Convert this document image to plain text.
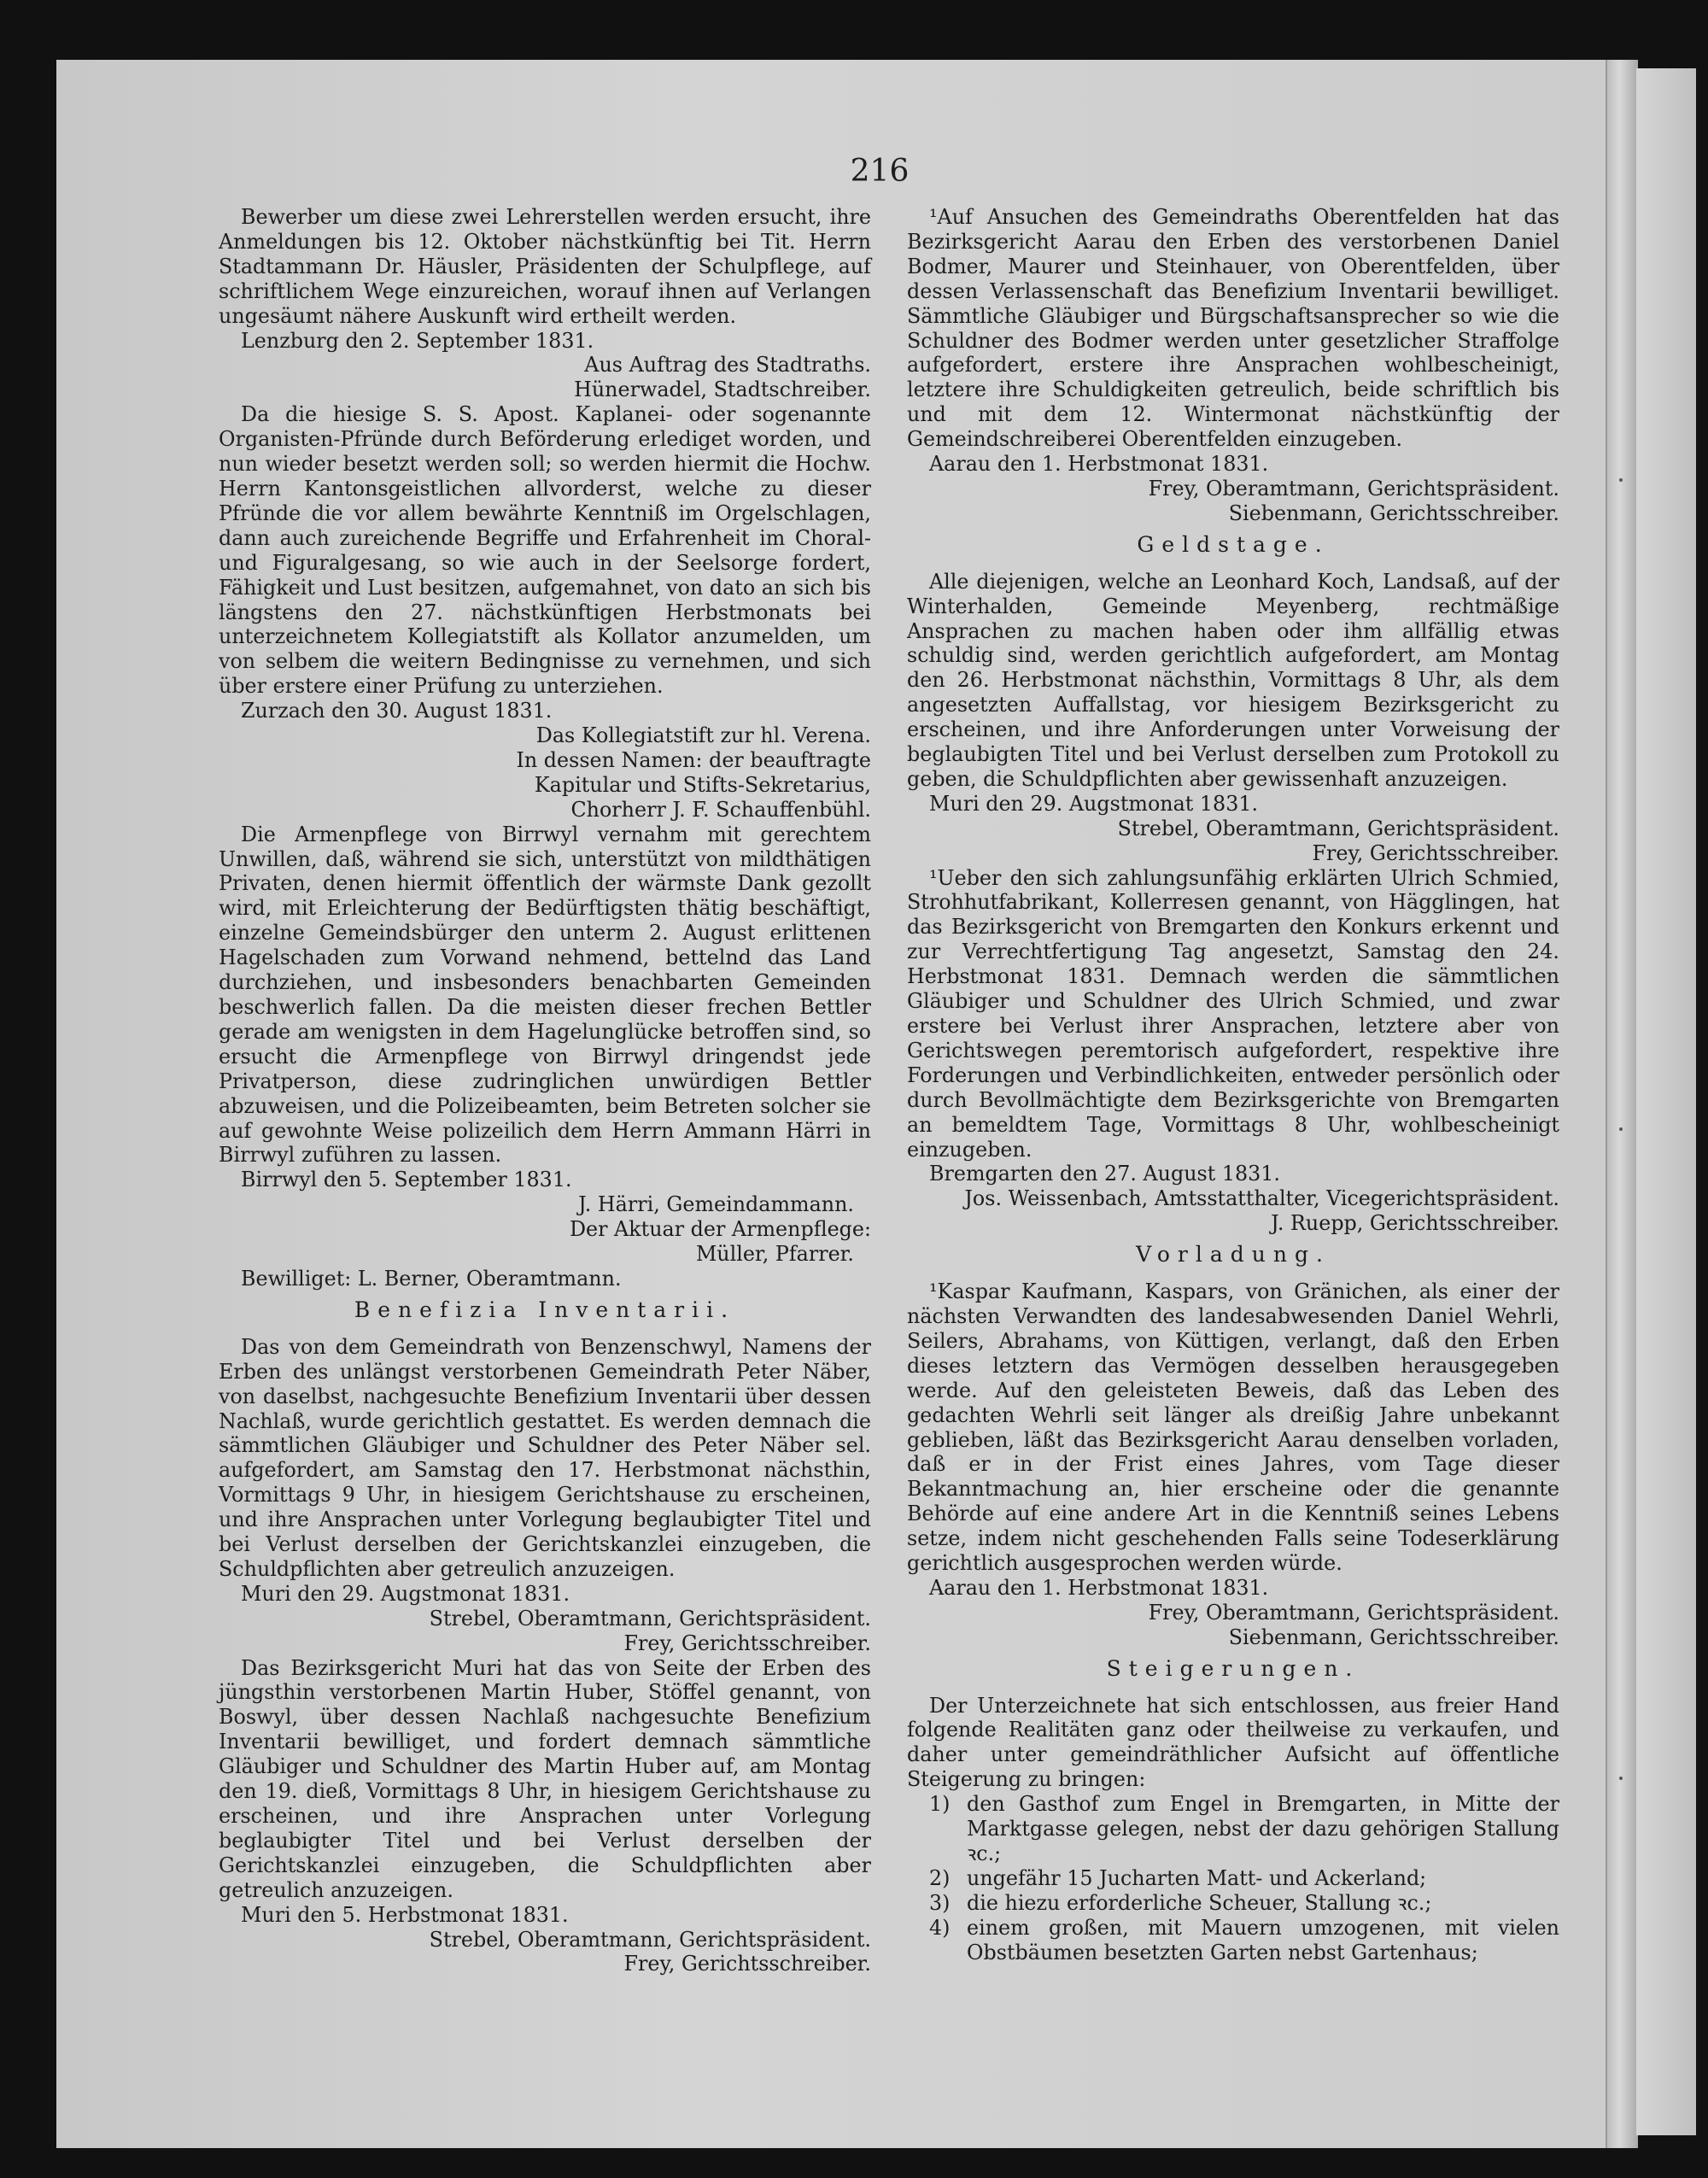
216
Bewerber um diese zwei Lehrerstellen werden ersucht, ihre Anmeldungen bis 12. Oktober nächstkünftig bei Tit. Herrn Stadtammann Dr. Häusler, Präsidenten der Schulpflege, auf schriftlichem Wege einzureichen, worauf ihnen auf Verlangen ungesäumt nähere Auskunft wird ertheilt werden.
Lenzburg den 2. September 1831.
Aus Auftrag des Stadtraths.
Hünerwadel, Stadtschreiber.
Da die hiesige S. S. Apost. Kaplanei- oder sogenannte Organisten-Pfründe durch Beförderung erlediget worden, und nun wieder besetzt werden soll; so werden hiermit die Hochw. Herrn Kantonsgeistlichen allvorderst, welche zu dieser Pfründe die vor allem bewährte Kenntniß im Orgelschlagen, dann auch zureichende Begriffe und Erfahrenheit im Choral- und Figuralgesang, so wie auch in der Seelsorge fordert, Fähigkeit und Lust besitzen, aufgemahnet, von dato an sich bis längstens den 27. nächstkünftigen Herbstmonats bei unterzeichnetem Kollegiatstift als Kollator anzumelden, um von selbem die weitern Bedingnisse zu vernehmen, und sich über erstere einer Prüfung zu unterziehen.
Zurzach den 30. August 1831.
Das Kollegiatstift zur hl. Verena.
In dessen Namen: der beauftragte
Kapitular und Stifts-Sekretarius,
Chorherr J. F. Schauffenbühl.
Die Armenpflege von Birrwyl vernahm mit gerechtem Unwillen, daß, während sie sich, unterstützt von mildthätigen Privaten, denen hiermit öffentlich der wärmste Dank gezollt wird, mit Erleichterung der Bedürftigsten thätig beschäftigt, einzelne Gemeindsbürger den unterm 2. August erlittenen Hagelschaden zum Vorwand nehmend, bettelnd das Land durchziehen, und insbesonders benachbarten Gemeinden beschwerlich fallen. Da die meisten dieser frechen Bettler gerade am wenigsten in dem Hagelunglücke betroffen sind, so ersucht die Armenpflege von Birrwyl dringendst jede Privatperson, diese zudringlichen unwürdigen Bettler abzuweisen, und die Polizeibeamten, beim Betreten solcher sie auf gewohnte Weise polizeilich dem Herrn Ammann Härri in Birrwyl zuführen zu lassen.
Birrwyl den 5. September 1831.
J. Härri, Gemeindammann.
Der Aktuar der Armenpflege:
Müller, Pfarrer.
Bewilliget: L. Berner, Oberamtmann.
Benefizia Inventarii.
Das von dem Gemeindrath von Benzenschwyl, Namens der Erben des unlängst verstorbenen Gemeindrath Peter Näber, von daselbst, nachgesuchte Benefizium Inventarii über dessen Nachlaß, wurde gerichtlich gestattet. Es werden demnach die sämmtlichen Gläubiger und Schuldner des Peter Näber sel. aufgefordert, am Samstag den 17. Herbstmonat nächsthin, Vormittags 9 Uhr, in hiesigem Gerichtshause zu erscheinen, und ihre Ansprachen unter Vorlegung beglaubigter Titel und bei Verlust derselben der Gerichtskanzlei einzugeben, die Schuldpflichten aber getreulich anzuzeigen.
Muri den 29. Augstmonat 1831.
Strebel, Oberamtmann, Gerichtspräsident.
Frey, Gerichtsschreiber.
Das Bezirksgericht Muri hat das von Seite der Erben des jüngsthin verstorbenen Martin Huber, Stöffel genannt, von Boswyl, über dessen Nachlaß nachgesuchte Benefizium Inventarii bewilliget, und fordert demnach sämmtliche Gläubiger und Schuldner des Martin Huber auf, am Montag den 19. dieß, Vormittags 8 Uhr, in hiesigem Gerichtshause zu erscheinen, und ihre Ansprachen unter Vorlegung beglaubigter Titel und bei Verlust derselben der Gerichtskanzlei einzugeben, die Schuldpflichten aber getreulich anzuzeigen.
Muri den 5. Herbstmonat 1831.
Strebel, Oberamtmann, Gerichtspräsident.
Frey, Gerichtsschreiber.
¹Auf Ansuchen des Gemeindraths Oberentfelden hat das Bezirksgericht Aarau den Erben des verstorbenen Daniel Bodmer, Maurer und Steinhauer, von Oberentfelden, über dessen Verlassenschaft das Benefizium Inventarii bewilliget. Sämmtliche Gläubiger und Bürgschaftsansprecher so wie die Schuldner des Bodmer werden unter gesetzlicher Straffolge aufgefordert, erstere ihre Ansprachen wohlbescheinigt, letztere ihre Schuldigkeiten getreulich, beide schriftlich bis und mit dem 12. Wintermonat nächstkünftig der Gemeindschreiberei Oberentfelden einzugeben.
Aarau den 1. Herbstmonat 1831.
Frey, Oberamtmann, Gerichtspräsident.
Siebenmann, Gerichtsschreiber.
Geldstage.
Alle diejenigen, welche an Leonhard Koch, Landsaß, auf der Winterhalden, Gemeinde Meyenberg, rechtmäßige Ansprachen zu machen haben oder ihm allfällig etwas schuldig sind, werden gerichtlich aufgefordert, am Montag den 26. Herbstmonat nächsthin, Vormittags 8 Uhr, als dem angesetzten Auffallstag, vor hiesigem Bezirksgericht zu erscheinen, und ihre Anforderungen unter Vorweisung der beglaubigten Titel und bei Verlust derselben zum Protokoll zu geben, die Schuldpflichten aber gewissenhaft anzuzeigen.
Muri den 29. Augstmonat 1831.
Strebel, Oberamtmann, Gerichtspräsident.
Frey, Gerichtsschreiber.
¹Ueber den sich zahlungsunfähig erklärten Ulrich Schmied, Strohhutfabrikant, Kollerresen genannt, von Hägglingen, hat das Bezirksgericht von Bremgarten den Konkurs erkennt und zur Verrechtfertigung Tag angesetzt, Samstag den 24. Herbstmonat 1831. Demnach werden die sämmtlichen Gläubiger und Schuldner des Ulrich Schmied, und zwar erstere bei Verlust ihrer Ansprachen, letztere aber von Gerichtswegen peremtorisch aufgefordert, respektive ihre Forderungen und Verbindlichkeiten, entweder persönlich oder durch Bevollmächtigte dem Bezirksgerichte von Bremgarten an bemeldtem Tage, Vormittags 8 Uhr, wohlbescheinigt einzugeben.
Bremgarten den 27. August 1831.
Jos. Weissenbach, Amtsstatthalter, Vicegerichtspräsident.
J. Ruepp, Gerichtsschreiber.
Vorladung.
¹Kaspar Kaufmann, Kaspars, von Gränichen, als einer der nächsten Verwandten des landesabwesenden Daniel Wehrli, Seilers, Abrahams, von Küttigen, verlangt, daß den Erben dieses letztern das Vermögen desselben herausgegeben werde. Auf den geleisteten Beweis, daß das Leben des gedachten Wehrli seit länger als dreißig Jahre unbekannt geblieben, läßt das Bezirksgericht Aarau denselben vorladen, daß er in der Frist eines Jahres, vom Tage dieser Bekanntmachung an, hier erscheine oder die genannte Behörde auf eine andere Art in die Kenntniß seines Lebens setze, indem nicht geschehenden Falls seine Todeserklärung gerichtlich ausgesprochen werden würde.
Aarau den 1. Herbstmonat 1831.
Frey, Oberamtmann, Gerichtspräsident.
Siebenmann, Gerichtsschreiber.
Steigerungen.
Der Unterzeichnete hat sich entschlossen, aus freier Hand folgende Realitäten ganz oder theilweise zu verkaufen, und daher unter gemeindräthlicher Aufsicht auf öffentliche Steigerung zu bringen:
1) den Gasthof zum Engel in Bremgarten, in Mitte der Marktgasse gelegen, nebst der dazu gehörigen Stallung ꝛc.;
2) ungefähr 15 Jucharten Matt- und Ackerland;
3) die hiezu erforderliche Scheuer, Stallung ꝛc.;
4) einem großen, mit Mauern umzogenen, mit vielen Obstbäumen besetzten Garten nebst Gartenhaus;
